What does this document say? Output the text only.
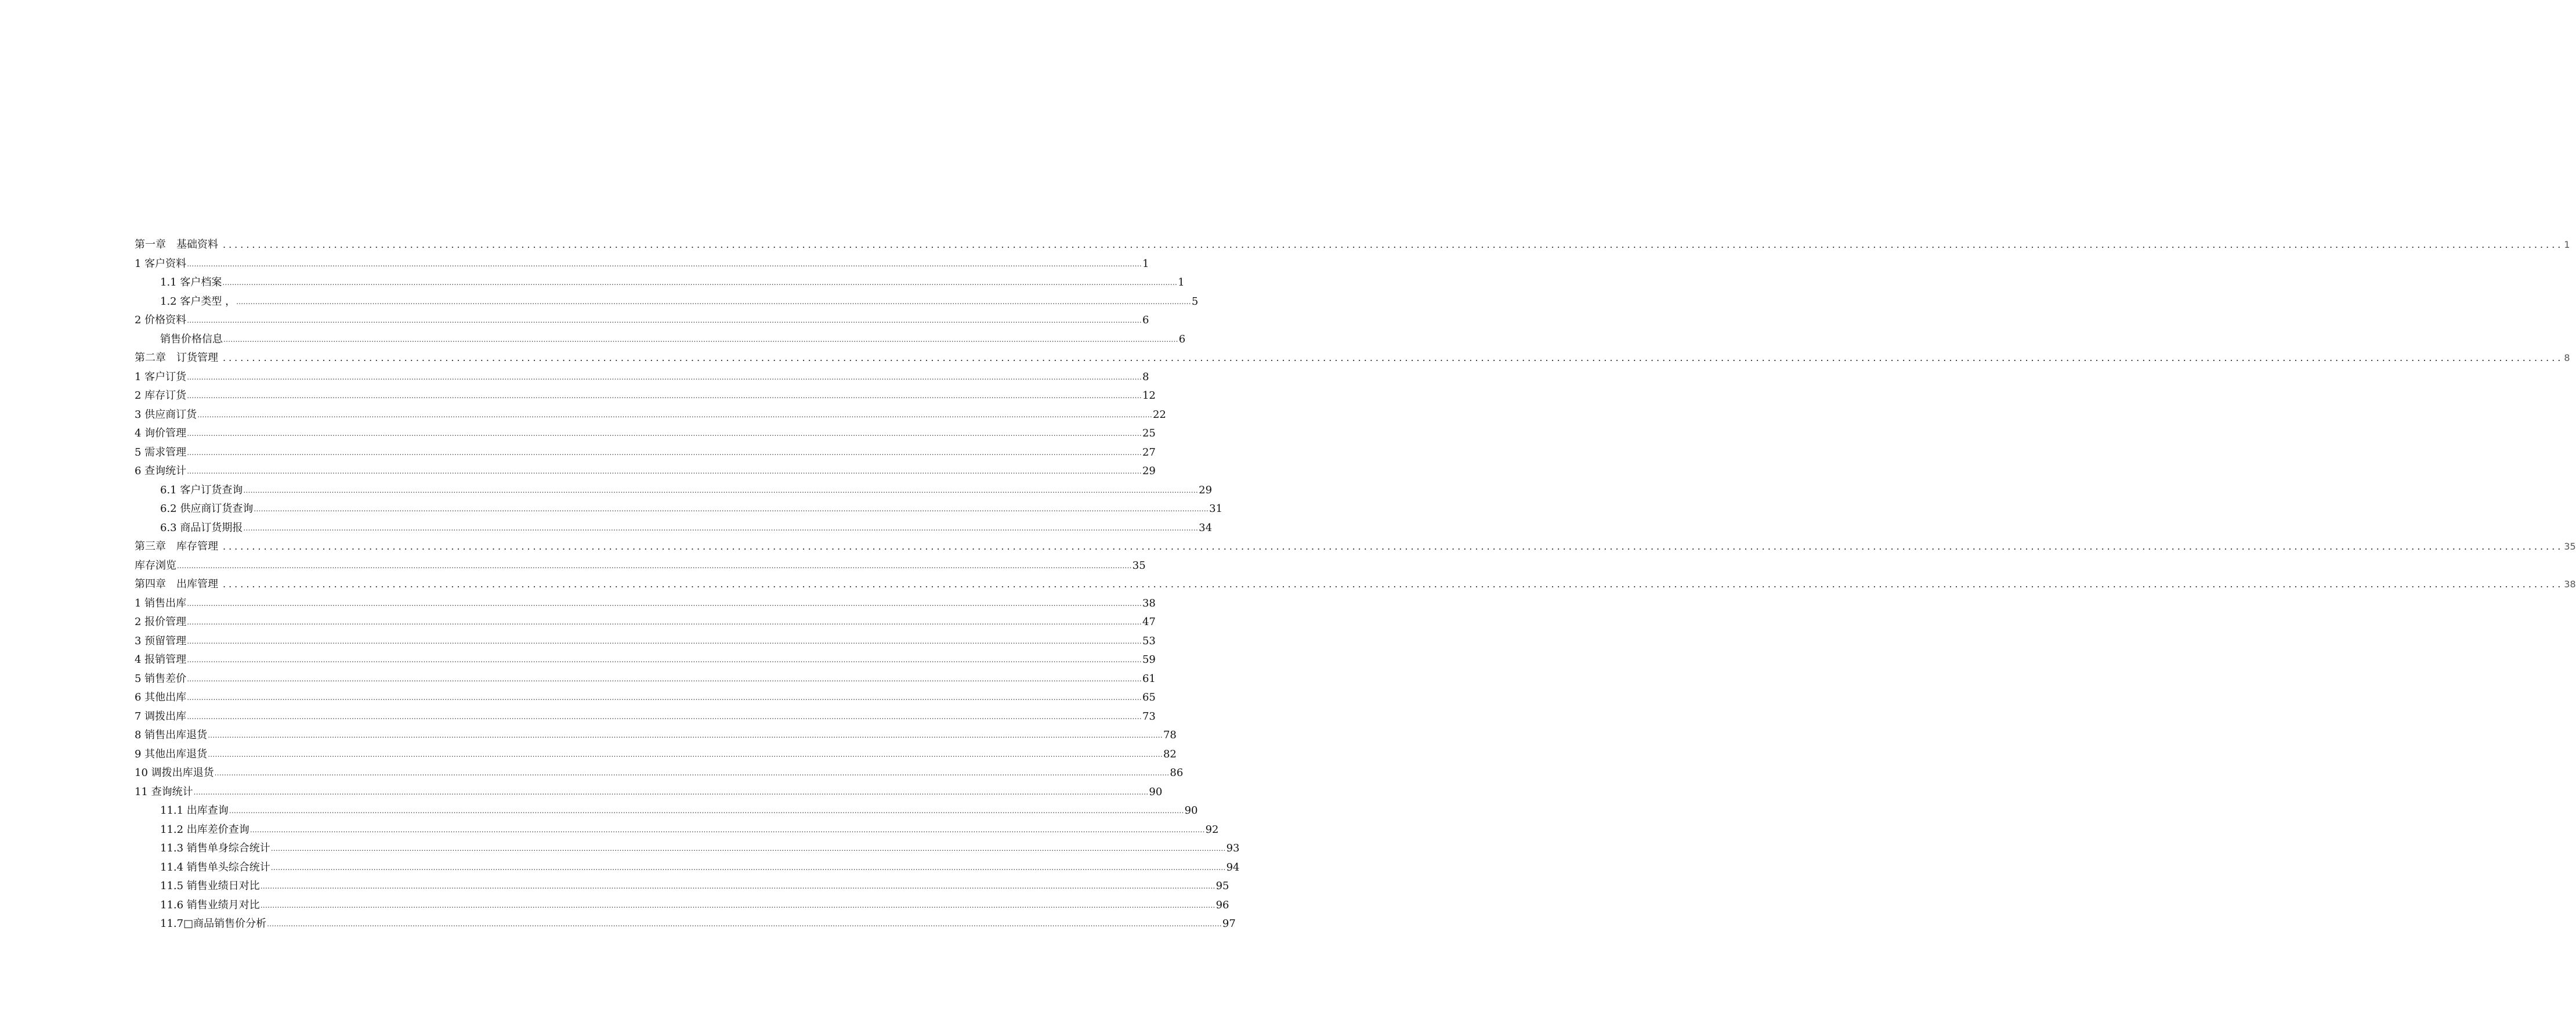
第一章　基础资料 ................................................................................................................................................................................................................................................................................................................................................................................................................ 1
1 客户资料 ................................................................................................................................................................................................................................................................................................................................................................................................................ 1
1.1 客户档案 ................................................................................................................................................................................................................................................................................................................................................................................................................ 1
1.2 客户类型 ， ................................................................................................................................................................................................................................................................................................................................................................................................................ 5
2 价格资料 ................................................................................................................................................................................................................................................................................................................................................................................................................ 6
销售价格信息 ................................................................................................................................................................................................................................................................................................................................................................................................................ 6
第二章　订货管理 ................................................................................................................................................................................................................................................................................................................................................................................................................ 8
1 客户订货 ................................................................................................................................................................................................................................................................................................................................................................................................................ 8
2 库存订货 ................................................................................................................................................................................................................................................................................................................................................................................................................ 12
3 供应商订货 ................................................................................................................................................................................................................................................................................................................................................................................................................ 22
4 询价管理 ................................................................................................................................................................................................................................................................................................................................................................................................................ 25
5 需求管理 ................................................................................................................................................................................................................................................................................................................................................................................................................ 27
6 查询统计 ................................................................................................................................................................................................................................................................................................................................................................................................................ 29
6.1 客户订货查询 ................................................................................................................................................................................................................................................................................................................................................................................................................ 29
6.2 供应商订货查询 ................................................................................................................................................................................................................................................................................................................................................................................................................ 31
6.3 商品订货期报 ................................................................................................................................................................................................................................................................................................................................................................................................................ 34
第三章　库存管理 ................................................................................................................................................................................................................................................................................................................................................................................................................ 35
库存浏览 ................................................................................................................................................................................................................................................................................................................................................................................................................ 35
第四章　出库管理 ................................................................................................................................................................................................................................................................................................................................................................................................................ 38
1 销售出库 ................................................................................................................................................................................................................................................................................................................................................................................................................ 38
2 报价管理 ................................................................................................................................................................................................................................................................................................................................................................................................................ 47
3 预留管理 ................................................................................................................................................................................................................................................................................................................................................................................................................ 53
4 报销管理 ................................................................................................................................................................................................................................................................................................................................................................................................................ 59
5 销售差价 ................................................................................................................................................................................................................................................................................................................................................................................................................ 61
6 其他出库 ................................................................................................................................................................................................................................................................................................................................................................................................................ 65
7 调拨出库 ................................................................................................................................................................................................................................................................................................................................................................................................................ 73
8 销售出库退货 ................................................................................................................................................................................................................................................................................................................................................................................................................ 78
9 其他出库退货 ................................................................................................................................................................................................................................................................................................................................................................................................................ 82
10 调拨出库退货 ................................................................................................................................................................................................................................................................................................................................................................................................................ 86
11 查询统计 ................................................................................................................................................................................................................................................................................................................................................................................................................ 90
11.1 出库查询 ................................................................................................................................................................................................................................................................................................................................................................................................................ 90
11.2 出库差价查询 ................................................................................................................................................................................................................................................................................................................................................................................................................ 92
11.3 销售单身综合统计 ................................................................................................................................................................................................................................................................................................................................................................................................................ 93
11.4 销售单头综合统计 ................................................................................................................................................................................................................................................................................................................................................................................................................ 94
11.5 销售业绩日对比 ................................................................................................................................................................................................................................................................................................................................................................................................................ 95
11.6 销售业绩月对比 ................................................................................................................................................................................................................................................................................................................................................................................................................ 96
11.7□商品销售价分析 ................................................................................................................................................................................................................................................................................................................................................................................................................ 97
